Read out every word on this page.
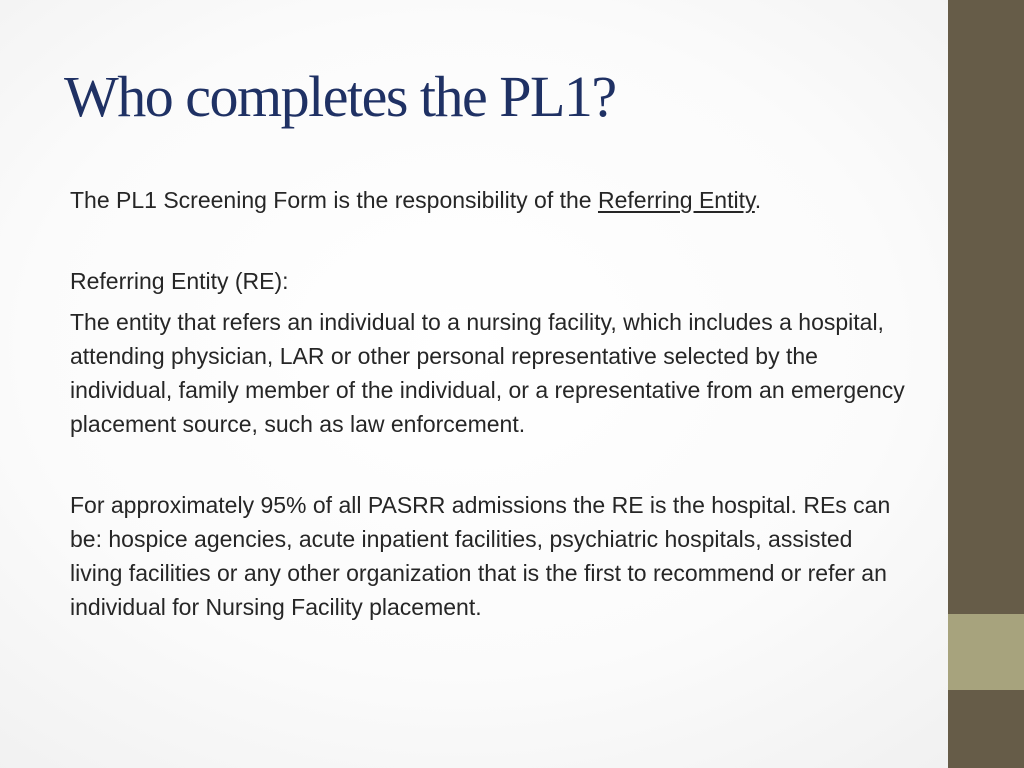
Who completes the PL1?

The PL1 Screening Form is the responsibility of the Referring Entity.

Referring Entity (RE):

The entity that refers an individual to a nursing facility, which includes a hospital, attending physician, LAR or other personal representative selected by the individual, family member of the individual, or a representative from an emergency placement source, such as law enforcement.

For approximately 95% of all PASRR admissions the RE is the hospital. REs can be: hospice agencies, acute inpatient facilities, psychiatric hospitals, assisted living facilities or any other organization that is the first to recommend or refer an individual for Nursing Facility placement.
